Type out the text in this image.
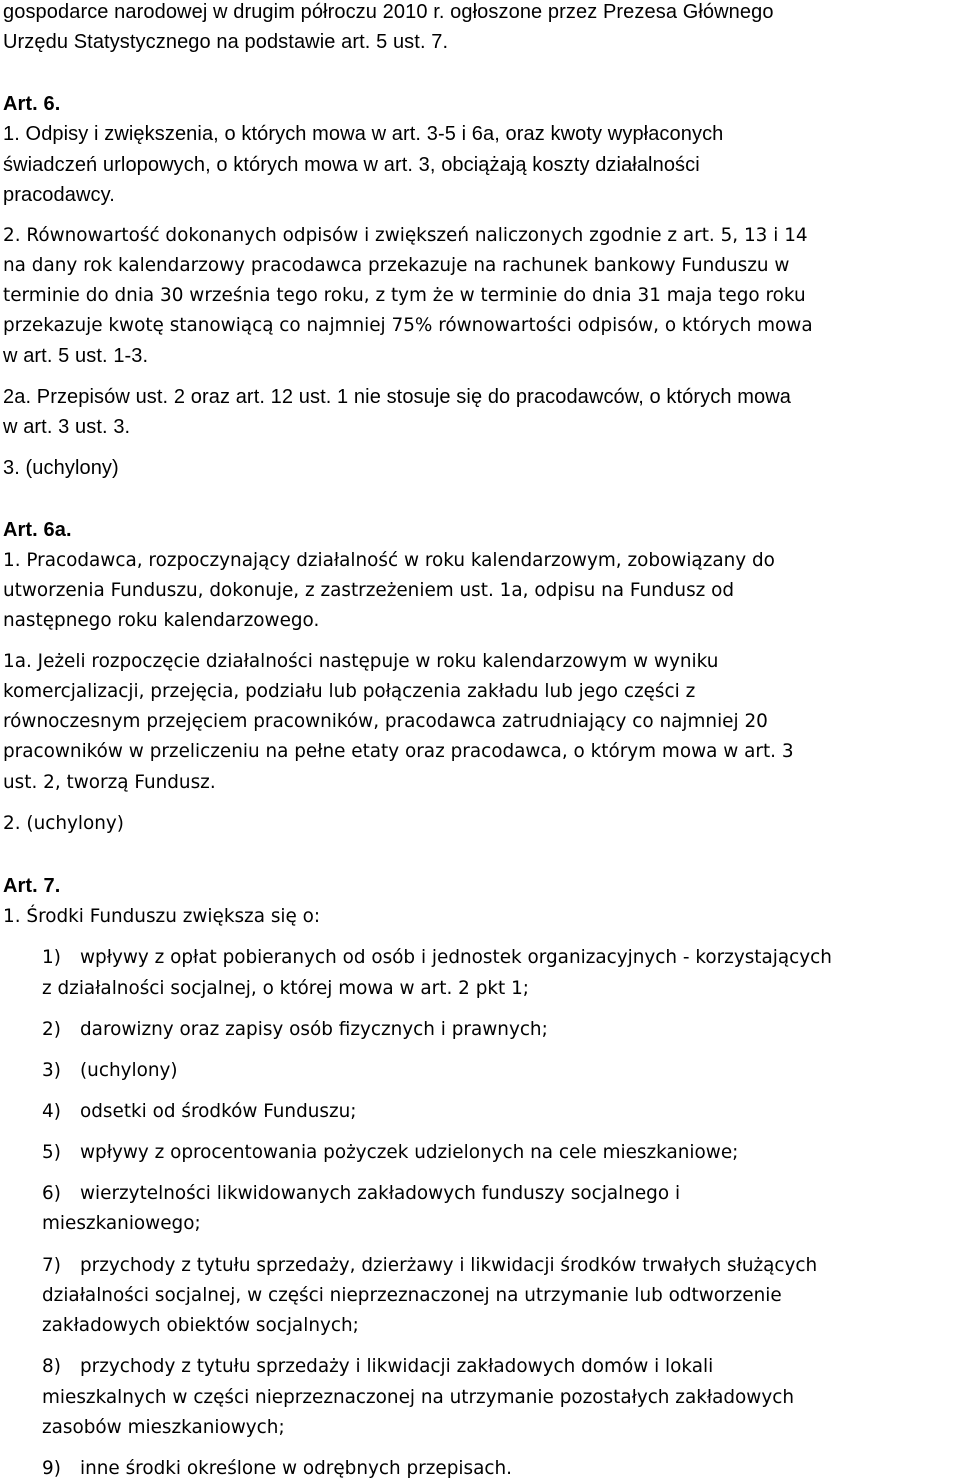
gospodarce narodowej w drugim półroczu 2010 r. ogłoszone przez Prezesa Głównego

Urzędu Statystycznego na podstawie art. 5 ust. 7.

Art. 6.

1. Odpisy i zwiększenia, o których mowa w art. 3-5 i 6a, oraz kwoty wypłaconych

świadczeń urlopowych, o których mowa w art. 3, obciążają koszty działalności

pracodawcy.

2. Równowartość dokonanych odpisów i zwiększeń naliczonych zgodnie z art. 5, 13 i 14

na dany rok kalendarzowy pracodawca przekazuje na rachunek bankowy Funduszu w

terminie do dnia 30 września tego roku, z tym że w terminie do dnia 31 maja tego roku

przekazuje kwotę stanowiącą co najmniej 75% równowartości odpisów, o których mowa

w art. 5 ust. 1-3.

2a. Przepisów ust. 2 oraz art. 12 ust. 1 nie stosuje się do pracodawców, o których mowa

w art. 3 ust. 3.

3. (uchylony)

Art. 6a.

1. Pracodawca, rozpoczynający działalność w roku kalendarzowym, zobowiązany do

utworzenia Funduszu, dokonuje, z zastrzeżeniem ust. 1a, odpisu na Fundusz od

następnego roku kalendarzowego.

1a. Jeżeli rozpoczęcie działalności następuje w roku kalendarzowym w wyniku

komercjalizacji, przejęcia, podziału lub połączenia zakładu lub jego części z

równoczesnym przejęciem pracowników, pracodawca zatrudniający co najmniej 20

pracowników w przeliczeniu na pełne etaty oraz pracodawca, o którym mowa w art. 3

ust. 2, tworzą Fundusz.

2. (uchylony)

Art. 7.

1. Środki Funduszu zwiększa się o:

1) wpływy z opłat pobieranych od osób i jednostek organizacyjnych - korzystających

z działalności socjalnej, o której mowa w art. 2 pkt 1;

2) darowizny oraz zapisy osób fizycznych i prawnych;

3) (uchylony)

4) odsetki od środków Funduszu;

5) wpływy z oprocentowania pożyczek udzielonych na cele mieszkaniowe;

6) wierzytelności likwidowanych zakładowych funduszy socjalnego i

mieszkaniowego;

7) przychody z tytułu sprzedaży, dzierżawy i likwidacji środków trwałych służących

działalności socjalnej, w części nieprzeznaczonej na utrzymanie lub odtworzenie

zakładowych obiektów socjalnych;

8) przychody z tytułu sprzedaży i likwidacji zakładowych domów i lokali

mieszkalnych w części nieprzeznaczonej na utrzymanie pozostałych zakładowych

zasobów mieszkaniowych;

9) inne środki określone w odrębnych przepisach.
